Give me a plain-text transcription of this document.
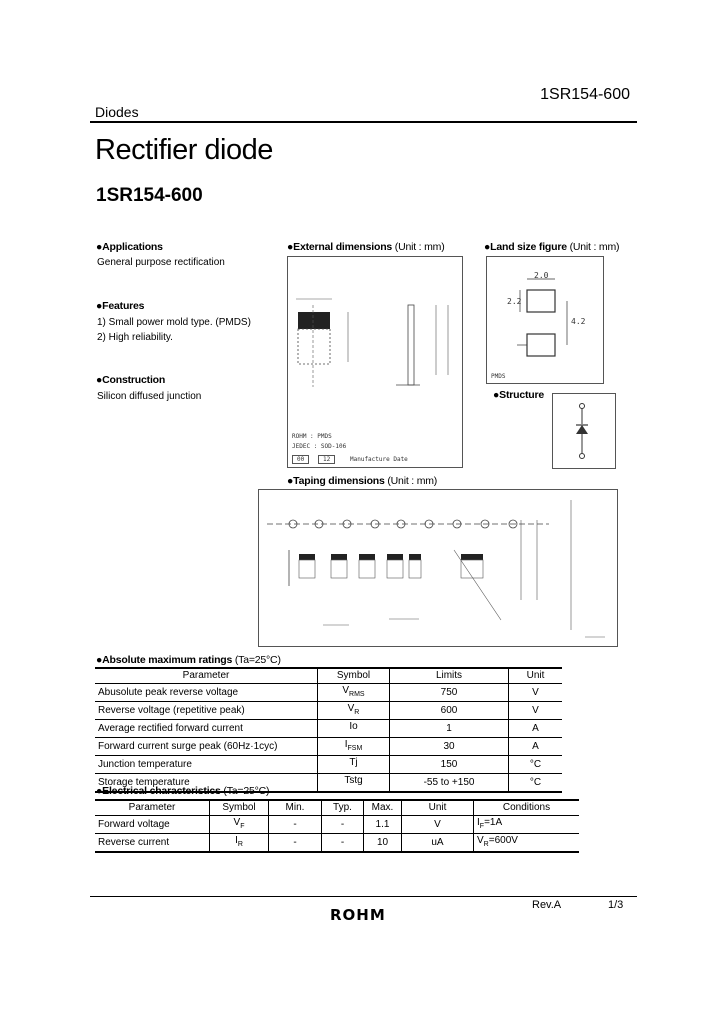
1SR154-600
Diodes
Rectifier diode
1SR154-600
●Applications
General purpose rectification
●Features
1) Small power mold type. (PMDS)
2) High reliability.
●Construction
Silicon diffused junction
●External dimensions (Unit : mm)
ROHM : PMDS
JEDEC : SOD-106
00	12	Manufacture Date
●Land size figure (Unit : mm)
2.0
2.2
4.2
PMDS
●Structure
●Taping dimensions (Unit : mm)
●Absolute maximum ratings (Ta=25°C)
Parameter	Symbol	Limits	Unit
Abusolute peak reverse voltage	$V_{RMS}$	750	V
Reverse voltage (repetitive peak)	$V_R$	600	V
Average rectified forward current	Io	1	A
Forward current surge peak (60Hz·1cyc)	$I_{FSM}$	30	A
Junction temperature	Tj	150	°C
Storage temperature	Tstg	-55 to +150	°C
●Electrical characteristics (Ta=25°C)
Parameter	Symbol	Min.	Typ.	Max.	Unit	Conditions
Forward voltage	$V_F$	-	-	1.1	V	$I_F=1A$
Reverse current	$I_R$	-	-	10	uA	$V_R=600V$
Rev.A	1/3
ROHM
